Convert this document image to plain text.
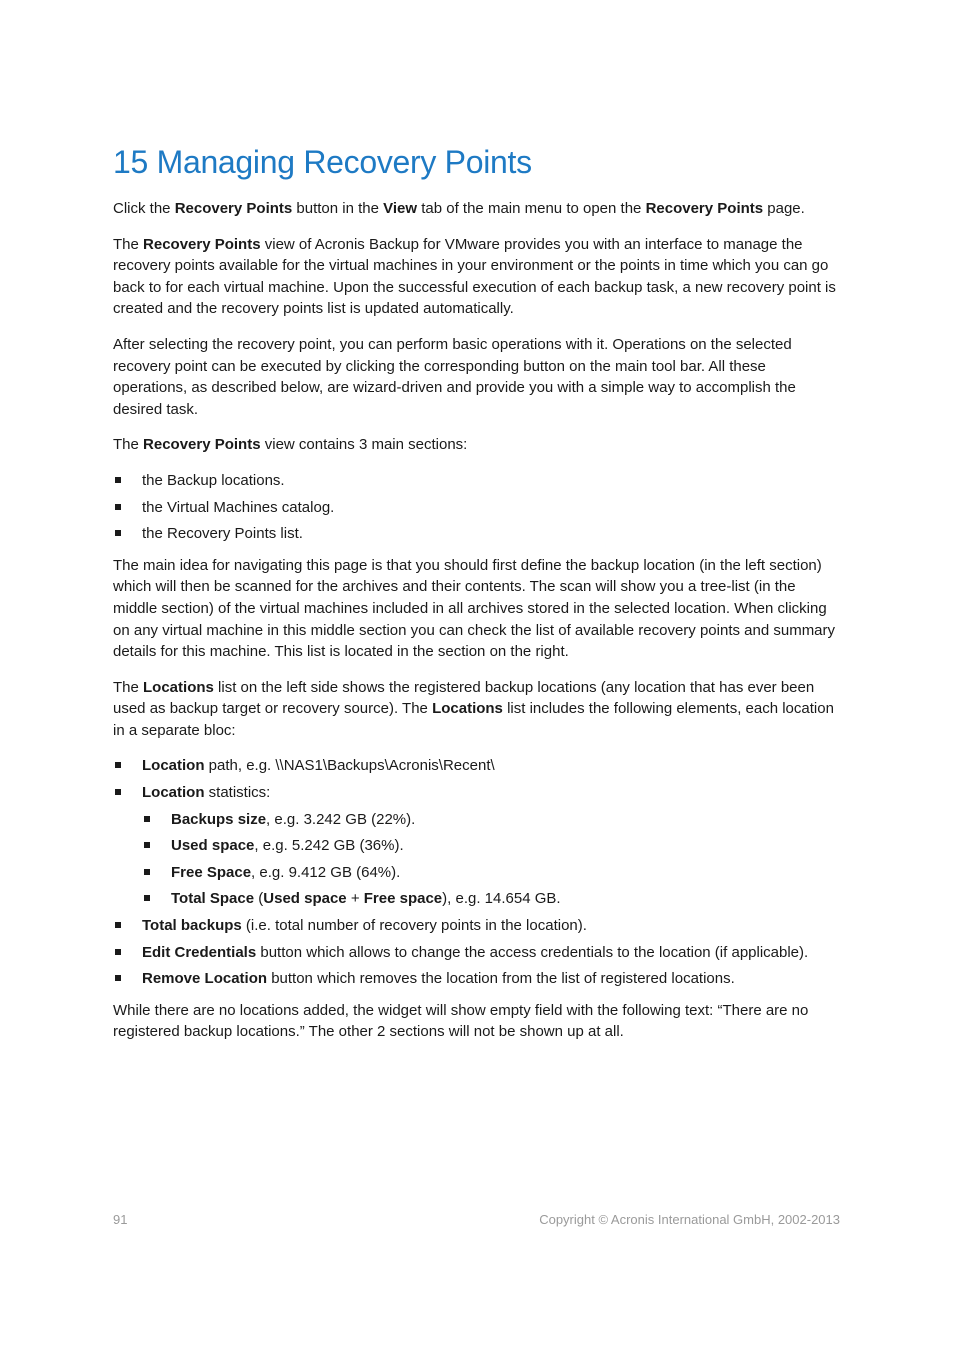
15 Managing Recovery Points

Click the Recovery Points button in the View tab of the main menu to open the Recovery Points page.

The Recovery Points view of Acronis Backup for VMware provides you with an interface to manage the recovery points available for the virtual machines in your environment or the points in time which you can go back to for each virtual machine. Upon the successful execution of each backup task, a new recovery point is created and the recovery points list is updated automatically.

After selecting the recovery point, you can perform basic operations with it. Operations on the selected recovery point can be executed by clicking the corresponding button on the main tool bar. All these operations, as described below, are wizard-driven and provide you with a simple way to accomplish the desired task.

The Recovery Points view contains 3 main sections:

the Backup locations.
the Virtual Machines catalog.
the Recovery Points list.

The main idea for navigating this page is that you should first define the backup location (in the left section) which will then be scanned for the archives and their contents. The scan will show you a tree-list (in the middle section) of the virtual machines included in all archives stored in the selected location. When clicking on any virtual machine in this middle section you can check the list of available recovery points and summary details for this machine. This list is located in the section on the right.

The Locations list on the left side shows the registered backup locations (any location that has ever been used as backup target or recovery source). The Locations list includes the following elements, each location in a separate bloc:

Location path, e.g. \\NAS1\Backups\Acronis\Recent\
Location statistics:
Backups size, e.g. 3.242 GB (22%).
Used space, e.g. 5.242 GB (36%).
Free Space, e.g. 9.412 GB (64%).
Total Space (Used space + Free space), e.g. 14.654 GB.
Total backups (i.e. total number of recovery points in the location).
Edit Credentials button which allows to change the access credentials to the location (if applicable).
Remove Location button which removes the location from the list of registered locations.

While there are no locations added, the widget will show empty field with the following text: “There are no registered backup locations.” The other 2 sections will not be shown up at all.

91	Copyright © Acronis International GmbH, 2002-2013
